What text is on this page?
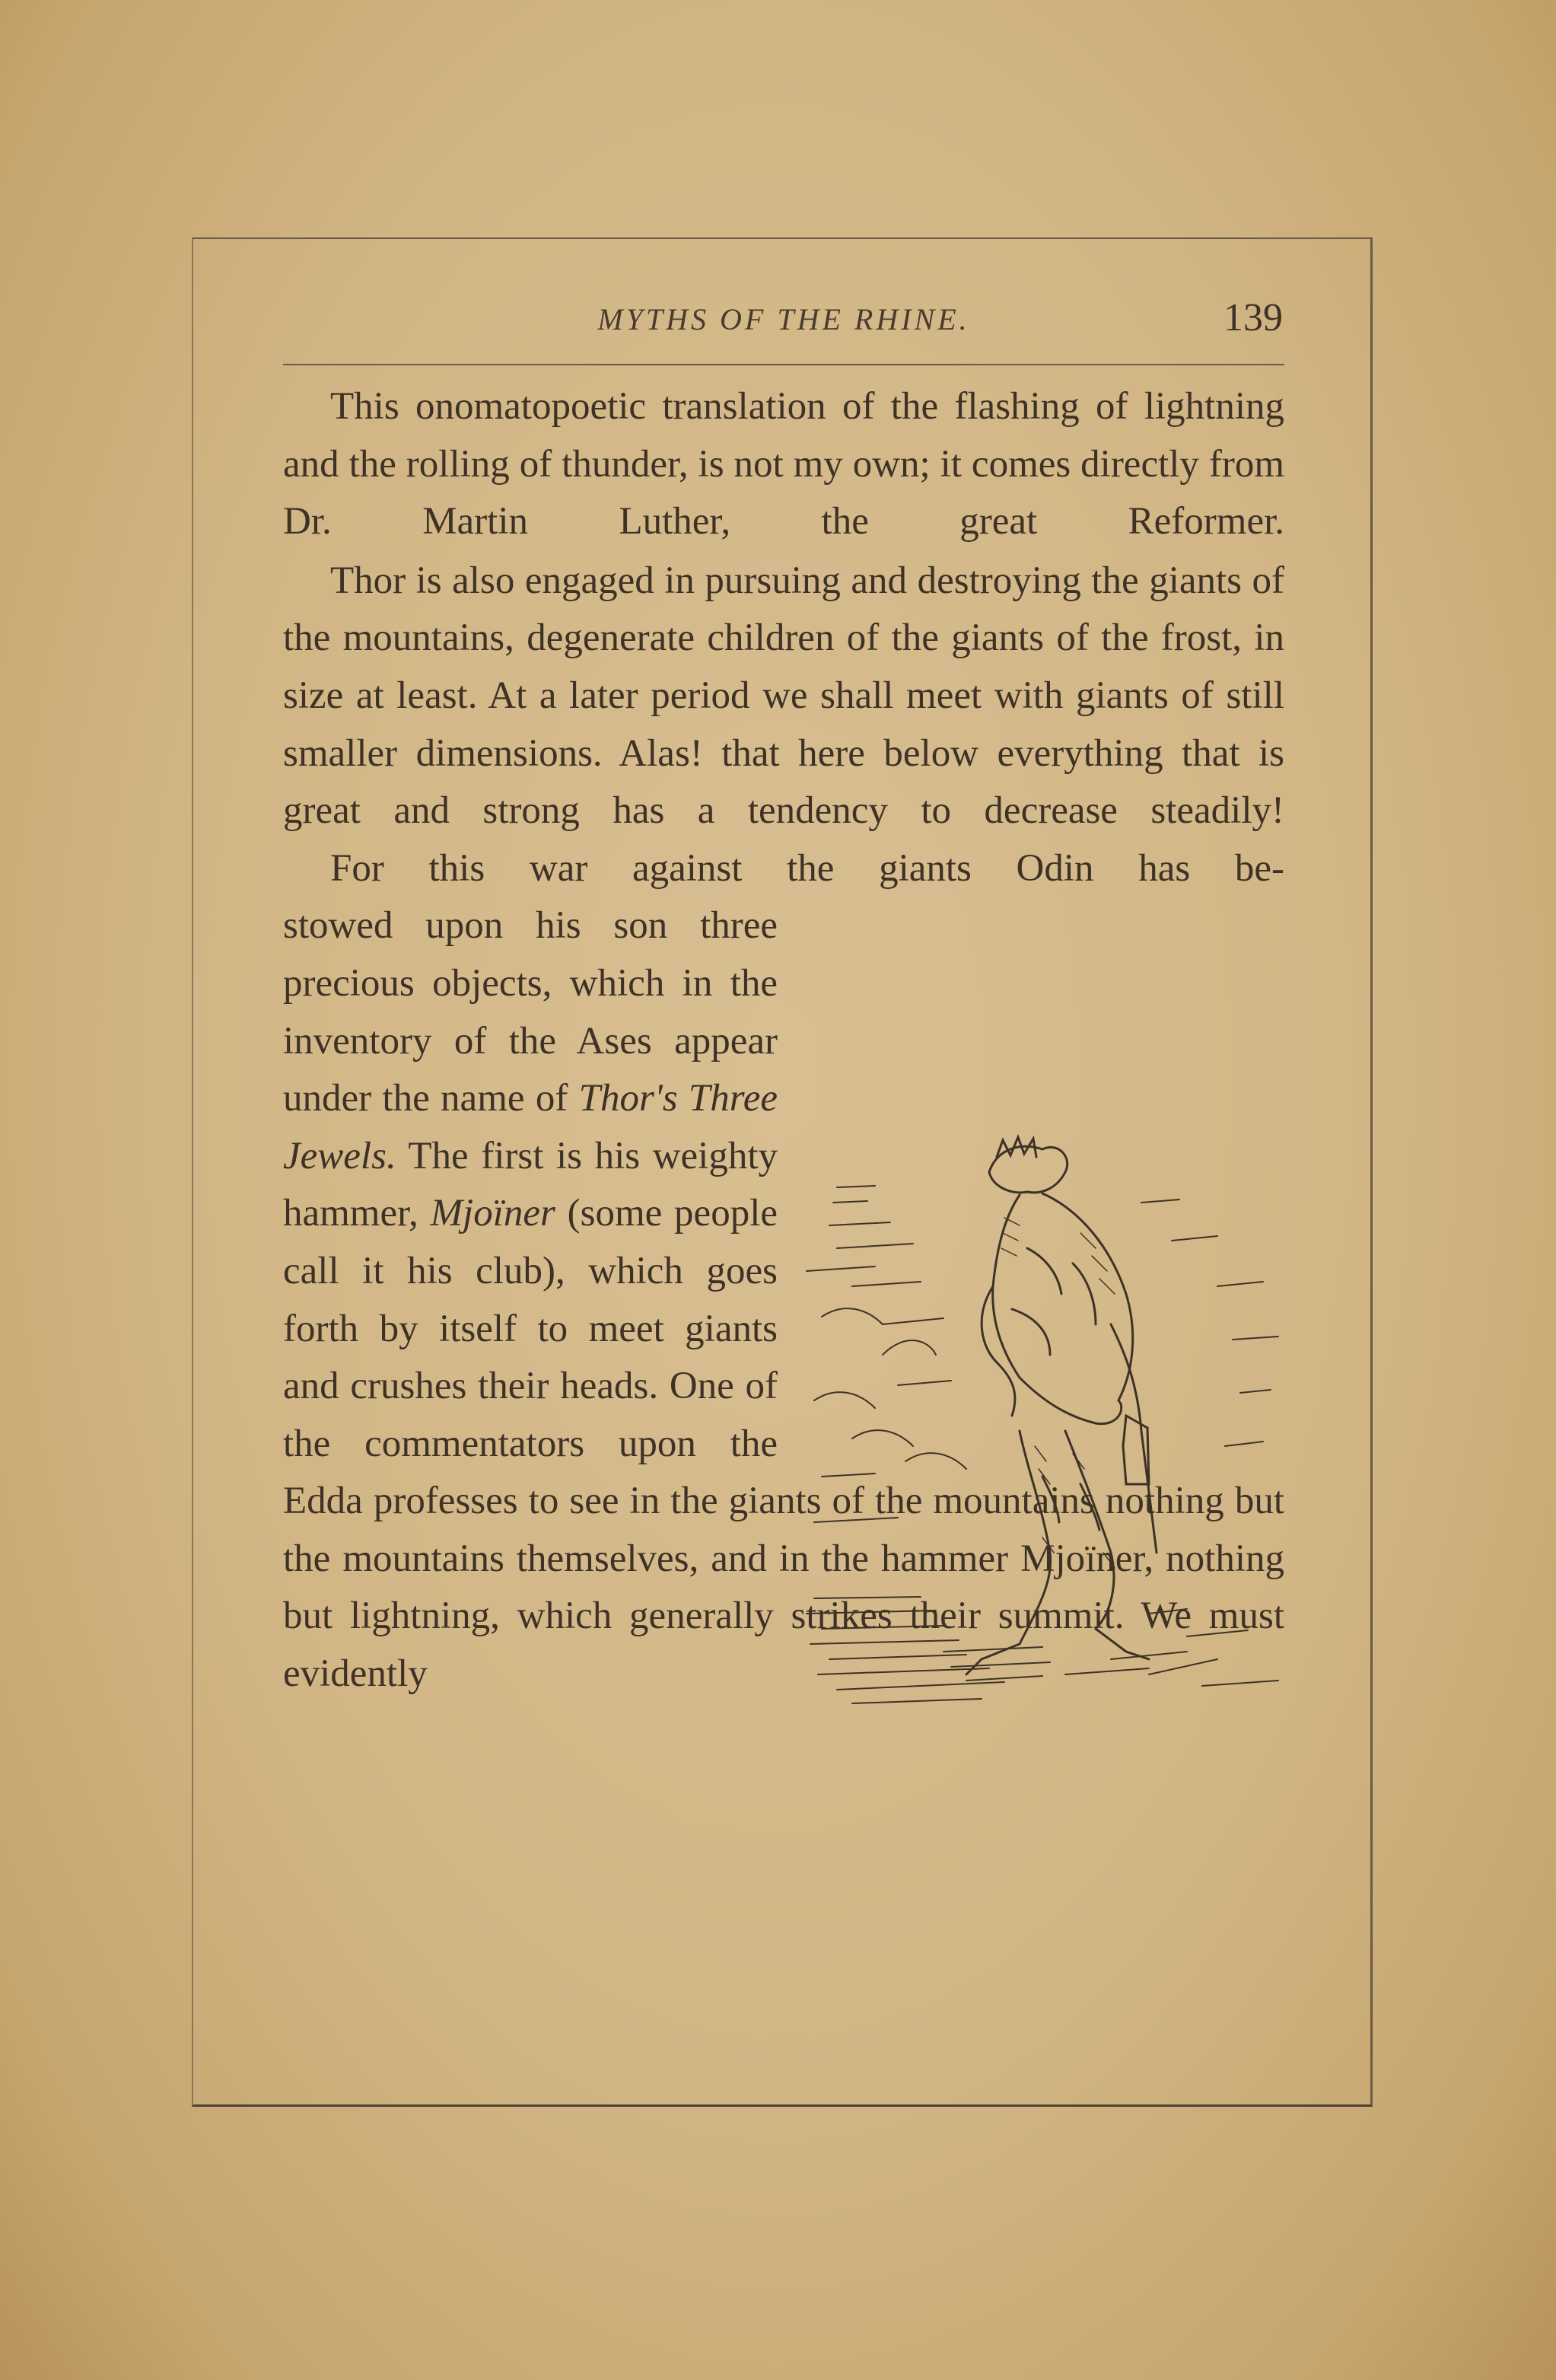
MYTHS OF THE RHINE.	139

This onomatopoetic translation of the flashing of lightning and the rolling of thunder, is not my own; it comes directly from Dr. Martin Luther, the great Reformer.

Thor is also engaged in pursuing and destroying the giants of the mountains, degenerate children of the giants of the frost, in size at least. At a later period we shall meet with giants of still smaller dimensions. Alas! that here below everything that is great and strong has a tendency to decrease steadily!

For this war against the giants Odin has be-

stowed upon his son three precious objects, which in the inventory of the Ases appear under the name of Thor's Three Jewels. The first is his weighty hammer, Mjoïner (some people call it his club), which goes forth by itself to meet giants and crushes their heads. One of the commentators upon the

Edda professes to see in the giants of the mountains nothing but the mountains themselves, and in the hammer Mjoïner, nothing but lightning, which generally strikes their summit. We must evidently
